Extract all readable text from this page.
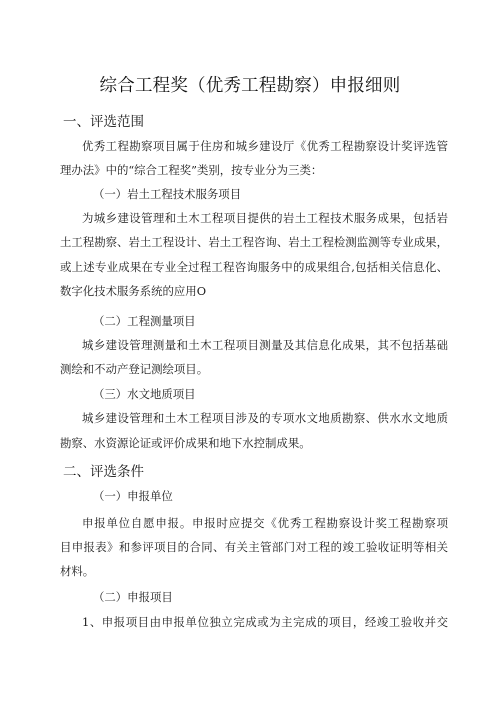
综合工程奖（优秀工程勘察）申报细则
一、评选范围
优秀工程勘察项目属于住房和城乡建设厅《优秀工程勘察设计奖评选管
理办法》中的“综合工程奖”类别，按专业分为三类：
（一）岩土工程技术服务项目
为城乡建设管理和土木工程项目提供的岩土工程技术服务成果，包括岩
土工程勘察、岩土工程设计、岩土工程咨询、岩土工程检测监测等专业成果，
或上述专业成果在专业全过程工程咨询服务中的成果组合,包括相关信息化、
数字化技术服务系统的应用O
（二）工程测量项目
城乡建设管理测量和土木工程项目测量及其信息化成果，其不包括基础
测绘和不动产登记测绘项目。
（三）水文地质项目
城乡建设管理和土木工程项目涉及的专项水文地质勘察、供水水文地质
勘察、水资源论证或评价成果和地下水控制成果。
二、评选条件
（一）申报单位
申报单位自愿申报。申报时应提交《优秀工程勘察设计奖工程勘察项
目申报表》和参评项目的合同、有关主管部门对工程的竣工验收证明等相关
材料。
（二）申报项目
1、申报项目由申报单位独立完成或为主完成的项目，经竣工验收并交
